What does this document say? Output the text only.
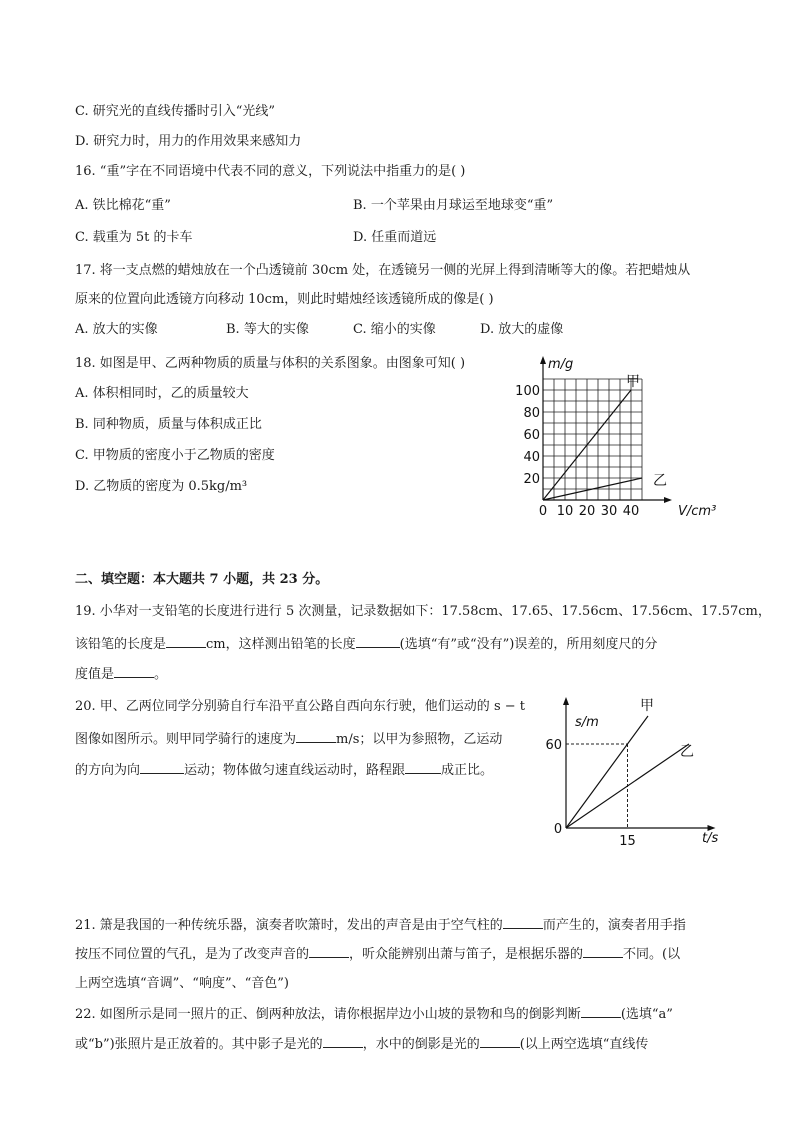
C. 研究光的直线传播时引入“光线”
D. 研究力时，用力的作用效果来感知力
16. “重”字在不同语境中代表不同的意义，下列说法中指重力的是( )
A. 铁比棉花“重”	B. 一个苹果由月球运至地球变“重”
C. 载重为 5t 的卡车	D. 任重而道远
17. 将一支点燃的蜡烛放在一个凸透镜前 30cm 处，在透镜另一侧的光屏上得到清晰等大的像。若把蜡烛从
原来的位置向此透镜方向移动 10cm，则此时蜡烛经该透镜所成的像是( )
A. 放大的实像	B. 等大的实像	C. 缩小的实像	D. 放大的虚像
18. 如图是甲、乙两种物质的质量与体积的关系图象。由图象可知( )
A. 体积相同时，乙的质量较大
B. 同种物质，质量与体积成正比
C. 甲物质的密度小于乙物质的密度
D. 乙物质的密度为 0.5kg/m³
0 10 20 30 40
20
40
60
80
100
m/g
V/cm³
甲
乙
二、填空题：本大题共 7 小题，共 23 分。
19. 小华对一支铅笔的长度进行进行 5 次测量，记录数据如下：17.58cm、17.65、17.56cm、17.56cm、17.57cm，
该铅笔的长度是	cm，这样测出铅笔的长度	(选填“有”或“没有”)误差的，所用刻度尺的分
度值是	。
20. 甲、乙两位同学分别骑自行车沿平直公路自西向东行驶，他们运动的 s − t
图像如图所示。则甲同学骑行的速度为	m/s；以甲为参照物，乙运动
的方向为向	运动；物体做匀速直线运动时，路程跟	成正比。
0
15
60
s/m
t/s
甲
乙
21. 箫是我国的一种传统乐器，演奏者吹箫时，发出的声音是由于空气柱的	而产生的，演奏者用手指
按压不同位置的气孔，是为了改变声音的	，听众能辨别出萧与笛子，是根据乐器的	不同。(以
上两空选填“音调”、“响度”、“音色”)
22. 如图所示是同一照片的正、倒两种放法，请你根据岸边小山坡的景物和鸟的倒影判断	(选填“a”
或“b”)张照片是正放着的。其中影子是光的	，水中的倒影是光的	(以上两空选填“直线传
